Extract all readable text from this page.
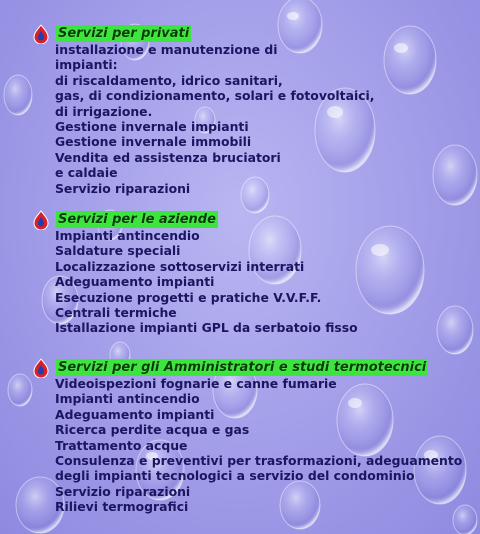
Servizi per privati
installazione e manutenzione di
impianti:
di riscaldamento, idrico sanitari,
gas, di condizionamento, solari e fotovoltaici,
di irrigazione.
Gestione invernale impianti
Gestione invernale immobili
Vendita ed assistenza bruciatori
e caldaie
Servizio riparazioni
Servizi per le aziende
Impianti antincendio
Saldature speciali
Localizzazione sottoservizi interrati
Adeguamento impianti
Esecuzione progetti e pratiche V.V.F.F.
Centrali termiche
Istallazione impianti GPL da serbatoio fisso
Servizi per gli Amministratori e studi termotecnici
Videoispezioni fognarie e canne fumarie
Impianti antincendio
Adeguamento impianti
Ricerca perdite acqua e gas
Trattamento acque
Consulenza e preventivi per trasformazioni, adeguamento
degli impianti tecnologici a servizio del condominio
Servizio riparazioni
Rilievi termografici
